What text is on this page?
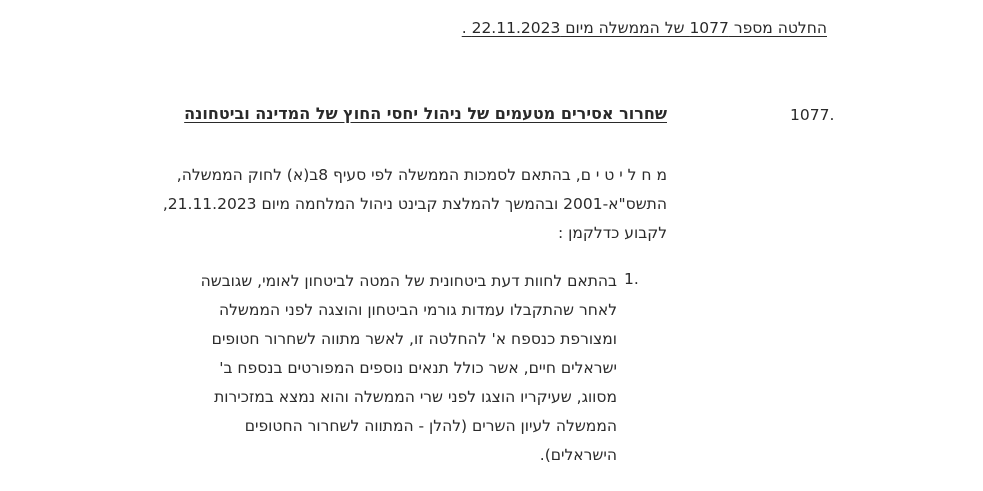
החלטה מספר 1077 של הממשלה מיום 22.11.2023 .
1077.
שחרור אסירים מטעמים של ניהול יחסי החוץ של המדינה וביטחונה
מ ח ל י ט י ם, בהתאם לסמכות הממשלה לפי סעיף 8ב(א) לחוק הממשלה,
התשס"א-2001 ובהמשך להמלצת קבינט ניהול המלחמה מיום 21.11.2023,
לקבוע כדלקמן :
1.
בהתאם לחוות דעת ביטחונית של המטה לביטחון לאומי, שגובשה
לאחר שהתקבלו עמדות גורמי הביטחון והוצגה לפני הממשלה
ומצורפת כנספח א' להחלטה זו, לאשר מתווה לשחרור חטופים
ישראלים חיים, אשר כולל תנאים נוספים המפורטים בנספח ב'
מסווג, שעיקריו הוצגו לפני שרי הממשלה והוא נמצא במזכירות
הממשלה לעיון השרים (להלן - המתווה לשחרור החטופים
הישראלים).
